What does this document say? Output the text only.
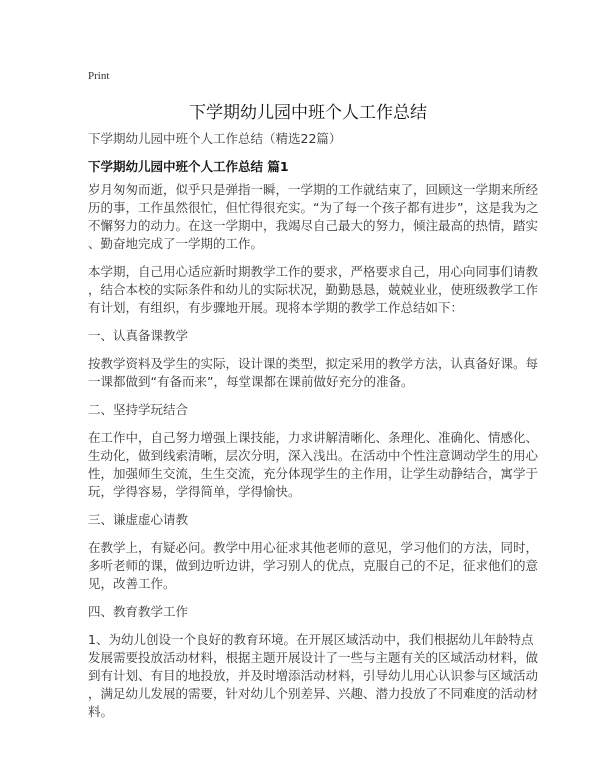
Print
下学期幼儿园中班个人工作总结
下学期幼儿园中班个人工作总结（精选22篇）
下学期幼儿园中班个人工作总结 篇1
岁月匆匆而逝，似乎只是弹指一瞬，一学期的工作就结束了，回顾这一学期来所经
历的事，工作虽然很忙，但忙得很充实。“为了每一个孩子都有进步”，这是我为之
不懈努力的动力。在这一学期中，我竭尽自己最大的努力，倾注最高的热情，踏实
、勤奋地完成了一学期的工作。
本学期，自己用心适应新时期教学工作的要求，严格要求自己，用心向同事们请教
，结合本校的实际条件和幼儿的实际状况，勤勤恳恳，兢兢业业，使班级教学工作
有计划，有组织，有步骤地开展。现将本学期的教学工作总结如下：
一、认真备课教学
按教学资料及学生的实际，设计课的类型，拟定采用的教学方法，认真备好课。每
一课都做到“有备而来”，每堂课都在课前做好充分的准备。
二、坚持学玩结合
在工作中，自己努力增强上课技能，力求讲解清晰化、条理化、准确化、情感化、
生动化，做到线索清晰，层次分明，深入浅出。在活动中个性注意调动学生的用心
性，加强师生交流，生生交流，充分体现学生的主作用，让学生动静结合，寓学于
玩，学得容易，学得简单，学得愉快。
三、谦虚虚心请教
在教学上，有疑必问。教学中用心征求其他老师的意见，学习他们的方法，同时，
多听老师的课，做到边听边讲，学习别人的优点，克服自己的不足，征求他们的意
见，改善工作。
四、教育教学工作
1、为幼儿创设一个良好的教育环境。在开展区域活动中，我们根据幼儿年龄特点
发展需要投放活动材料，根据主题开展设计了一些与主题有关的区域活动材料，做
到有计划、有目的地投放，并及时增添活动材料，引导幼儿用心认识参与区域活动
，满足幼儿发展的需要，针对幼儿个别差异、兴趣、潜力投放了不同难度的活动材
料。
